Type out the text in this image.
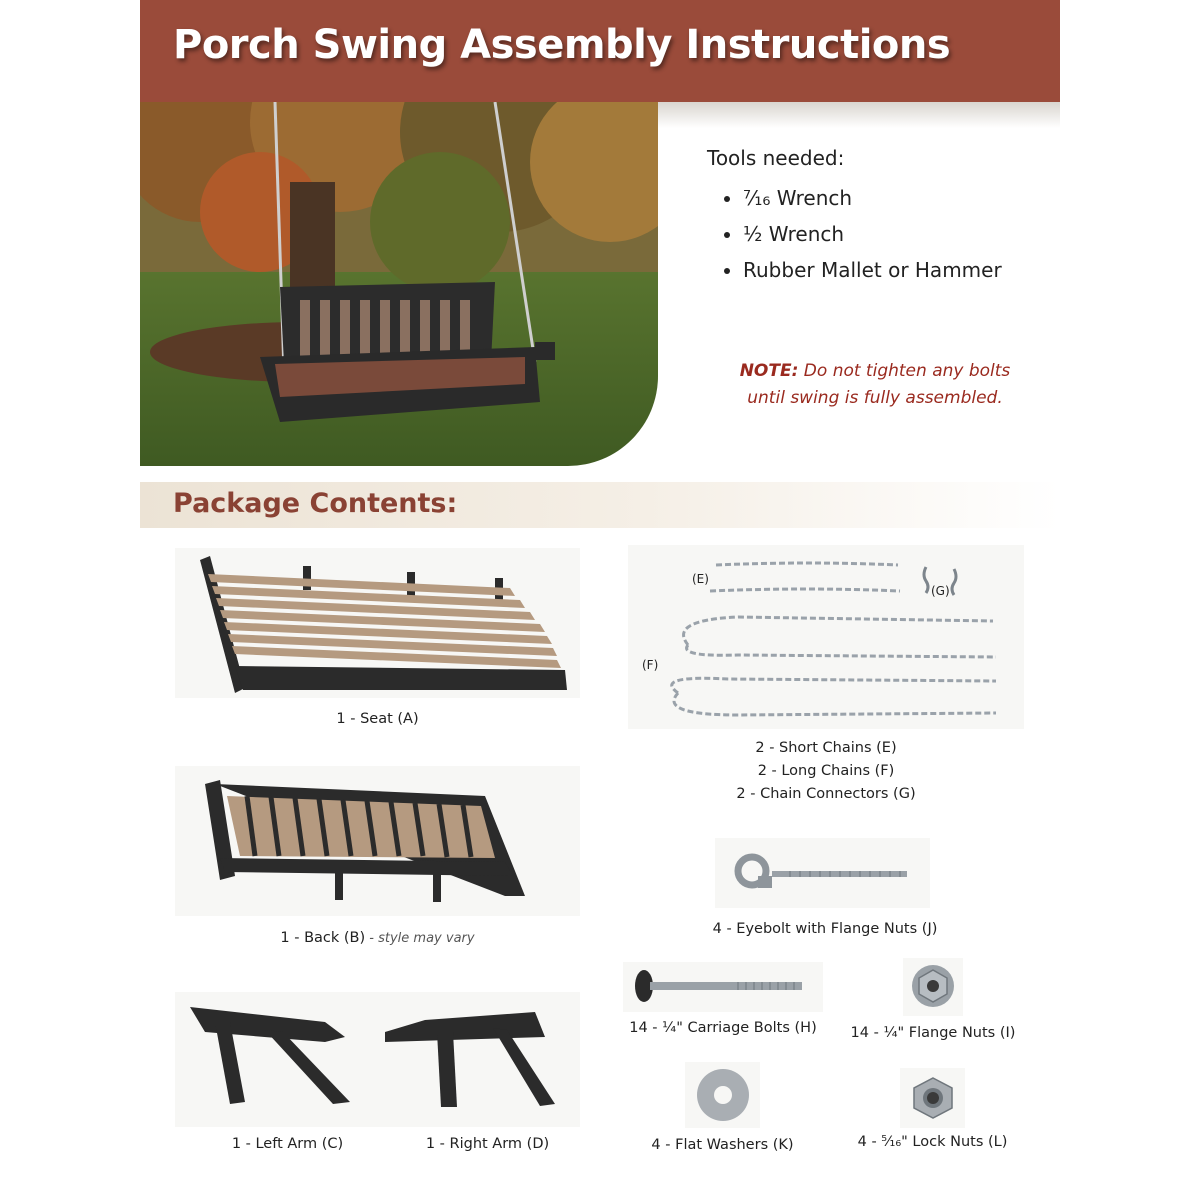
Porch Swing Assembly Instructions
Tools needed:
• ⁷⁄₁₆ Wrench
• ½ Wrench
• Rubber Mallet or Hammer
NOTE: Do not tighten any bolts
until swing is fully assembled.
Package Contents:
1 - Seat (A)
1 - Back (B) - style may vary
1 - Left Arm (C)	1 - Right Arm (D)
(E)
(G)
(F)
2 - Short Chains (E)
2 - Long Chains (F)
2 - Chain Connectors (G)
4 - Eyebolt with Flange Nuts (J)
14 - ¼" Carriage Bolts (H)	14 - ¼" Flange Nuts (I)
4 - Flat Washers (K)	4 - ⁵⁄₁₆" Lock Nuts (L)
